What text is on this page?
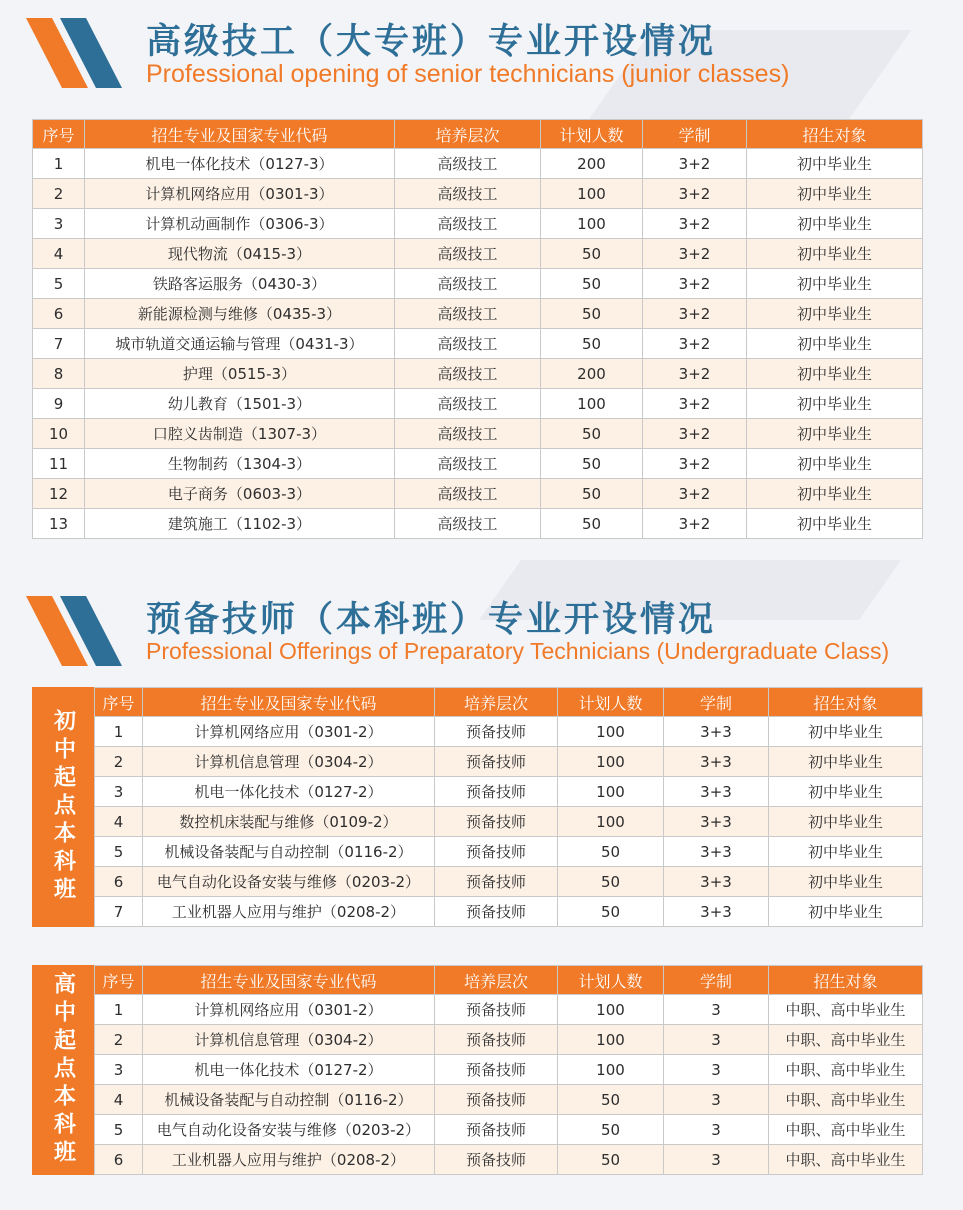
高级技工（大专班）专业开设情况
Professional opening of senior technicians (junior classes)
序号	招生专业及国家专业代码	培养层次	计划人数	学制	招生对象
1	机电一体化技术（0127-3）	高级技工	200	3+2	初中毕业生
2	计算机网络应用（0301-3）	高级技工	100	3+2	初中毕业生
3	计算机动画制作（0306-3）	高级技工	100	3+2	初中毕业生
4	现代物流（0415-3）	高级技工	50	3+2	初中毕业生
5	铁路客运服务（0430-3）	高级技工	50	3+2	初中毕业生
6	新能源检测与维修（0435-3）	高级技工	50	3+2	初中毕业生
7	城市轨道交通运输与管理（0431-3）	高级技工	50	3+2	初中毕业生
8	护理（0515-3）	高级技工	200	3+2	初中毕业生
9	幼儿教育（1501-3）	高级技工	100	3+2	初中毕业生
10	口腔义齿制造（1307-3）	高级技工	50	3+2	初中毕业生
11	生物制药（1304-3）	高级技工	50	3+2	初中毕业生
12	电子商务（0603-3）	高级技工	50	3+2	初中毕业生
13	建筑施工（1102-3）	高级技工	50	3+2	初中毕业生
预备技师（本科班）专业开设情况
Professional Offerings of Preparatory Technicians (Undergraduate Class)
初中起点本科班
序号	招生专业及国家专业代码	培养层次	计划人数	学制	招生对象
1	计算机网络应用（0301-2）	预备技师	100	3+3	初中毕业生
2	计算机信息管理（0304-2）	预备技师	100	3+3	初中毕业生
3	机电一体化技术（0127-2）	预备技师	100	3+3	初中毕业生
4	数控机床装配与维修（0109-2）	预备技师	100	3+3	初中毕业生
5	机械设备装配与自动控制（0116-2）	预备技师	50	3+3	初中毕业生
6	电气自动化设备安装与维修（0203-2）	预备技师	50	3+3	初中毕业生
7	工业机器人应用与维护（0208-2）	预备技师	50	3+3	初中毕业生
高中起点本科班	序号	招生专业及国家专业代码	培养层次	计划人数	学制	招生对象
1	计算机网络应用（0301-2）	预备技师	100	3	中职、高中毕业生
2	计算机信息管理（0304-2）	预备技师	100	3	中职、高中毕业生
3	机电一体化技术（0127-2）	预备技师	100	3	中职、高中毕业生
4	机械设备装配与自动控制（0116-2）	预备技师	50	3	中职、高中毕业生
5	电气自动化设备安装与维修（0203-2）	预备技师	50	3	中职、高中毕业生
6	工业机器人应用与维护（0208-2）	预备技师	50	3	中职、高中毕业生
